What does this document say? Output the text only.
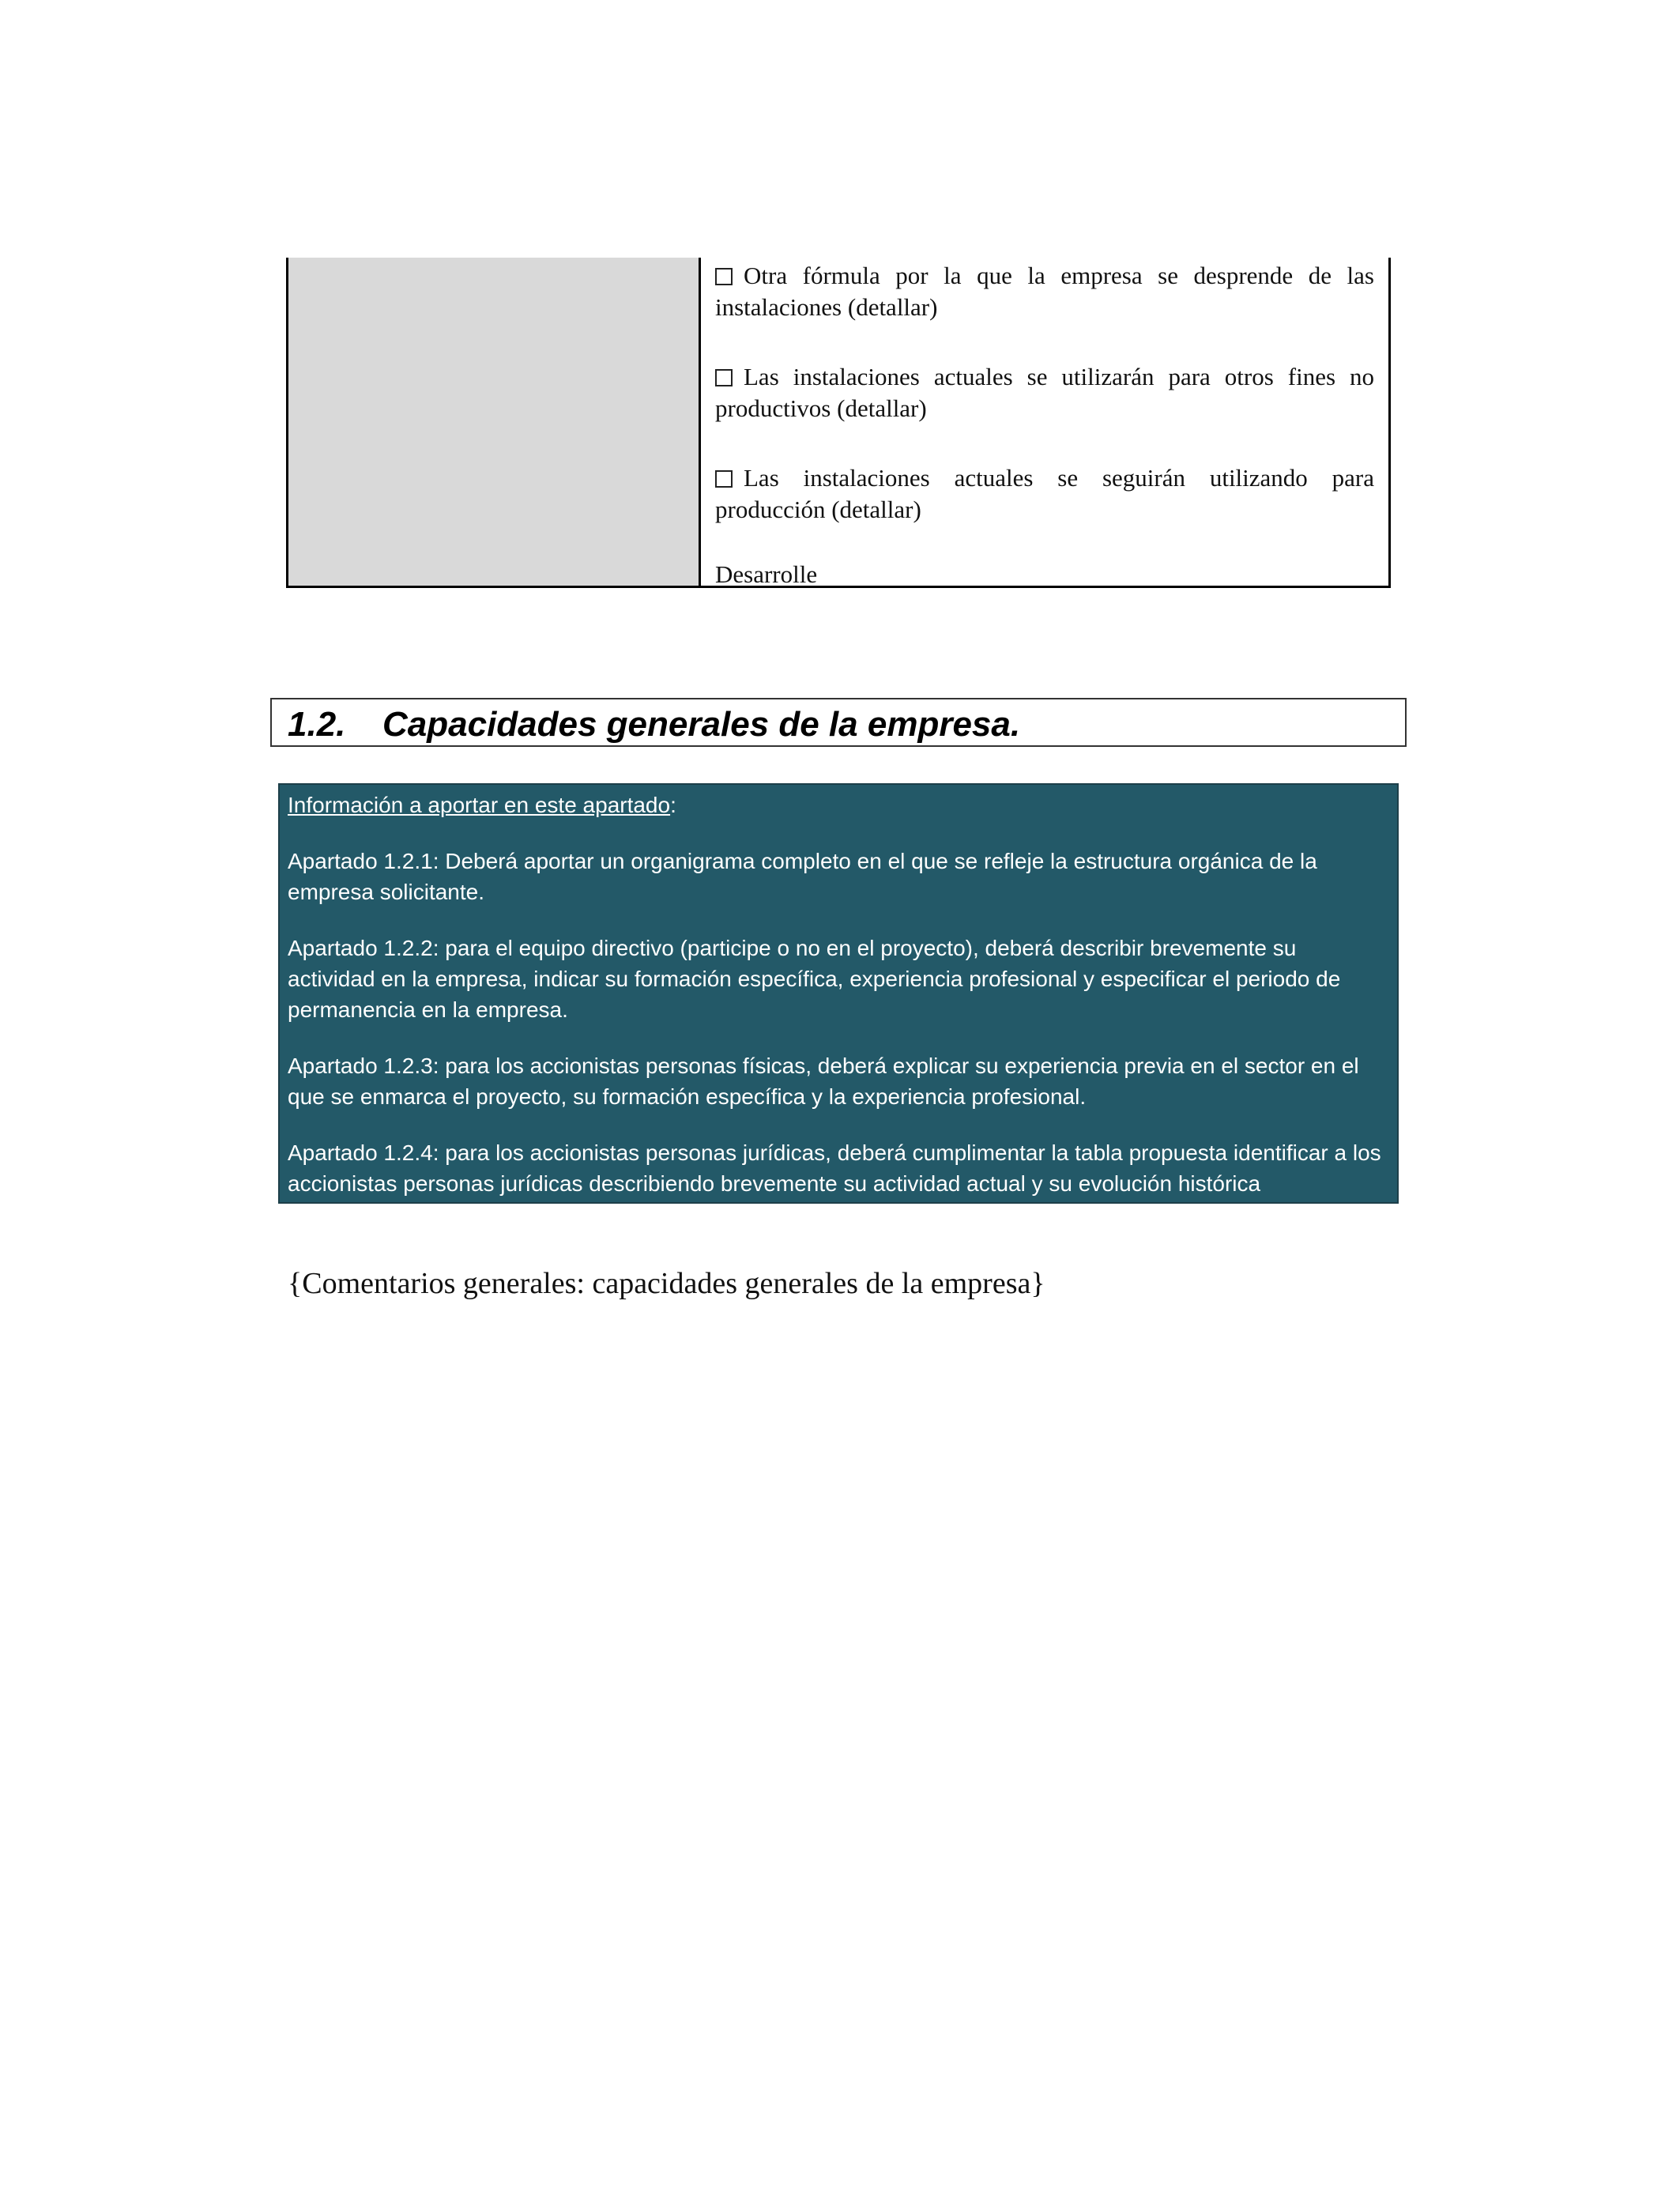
Otra fórmula por la que la empresa se desprende de las instalaciones (detallar)
Las instalaciones actuales se utilizarán para otros fines no productivos (detallar)
Las instalaciones actuales se seguirán utilizando para producción (detallar)
Desarrolle
1.2. Capacidades generales de la empresa.
Información a aportar en este apartado:
Apartado 1.2.1: Deberá aportar un organigrama completo en el que se refleje la estructura orgánica de la empresa solicitante.
Apartado 1.2.2: para el equipo directivo (participe o no en el proyecto), deberá describir brevemente su actividad en la empresa, indicar su formación específica, experiencia profesional y especificar el periodo de permanencia en la empresa.
Apartado 1.2.3: para los accionistas personas físicas, deberá explicar su experiencia previa en el sector en el que se enmarca el proyecto, su formación específica y la experiencia profesional.
Apartado 1.2.4: para los accionistas personas jurídicas, deberá cumplimentar la tabla propuesta identificar a los accionistas personas jurídicas describiendo brevemente su actividad actual y su evolución histórica
{Comentarios generales: capacidades generales de la empresa}
